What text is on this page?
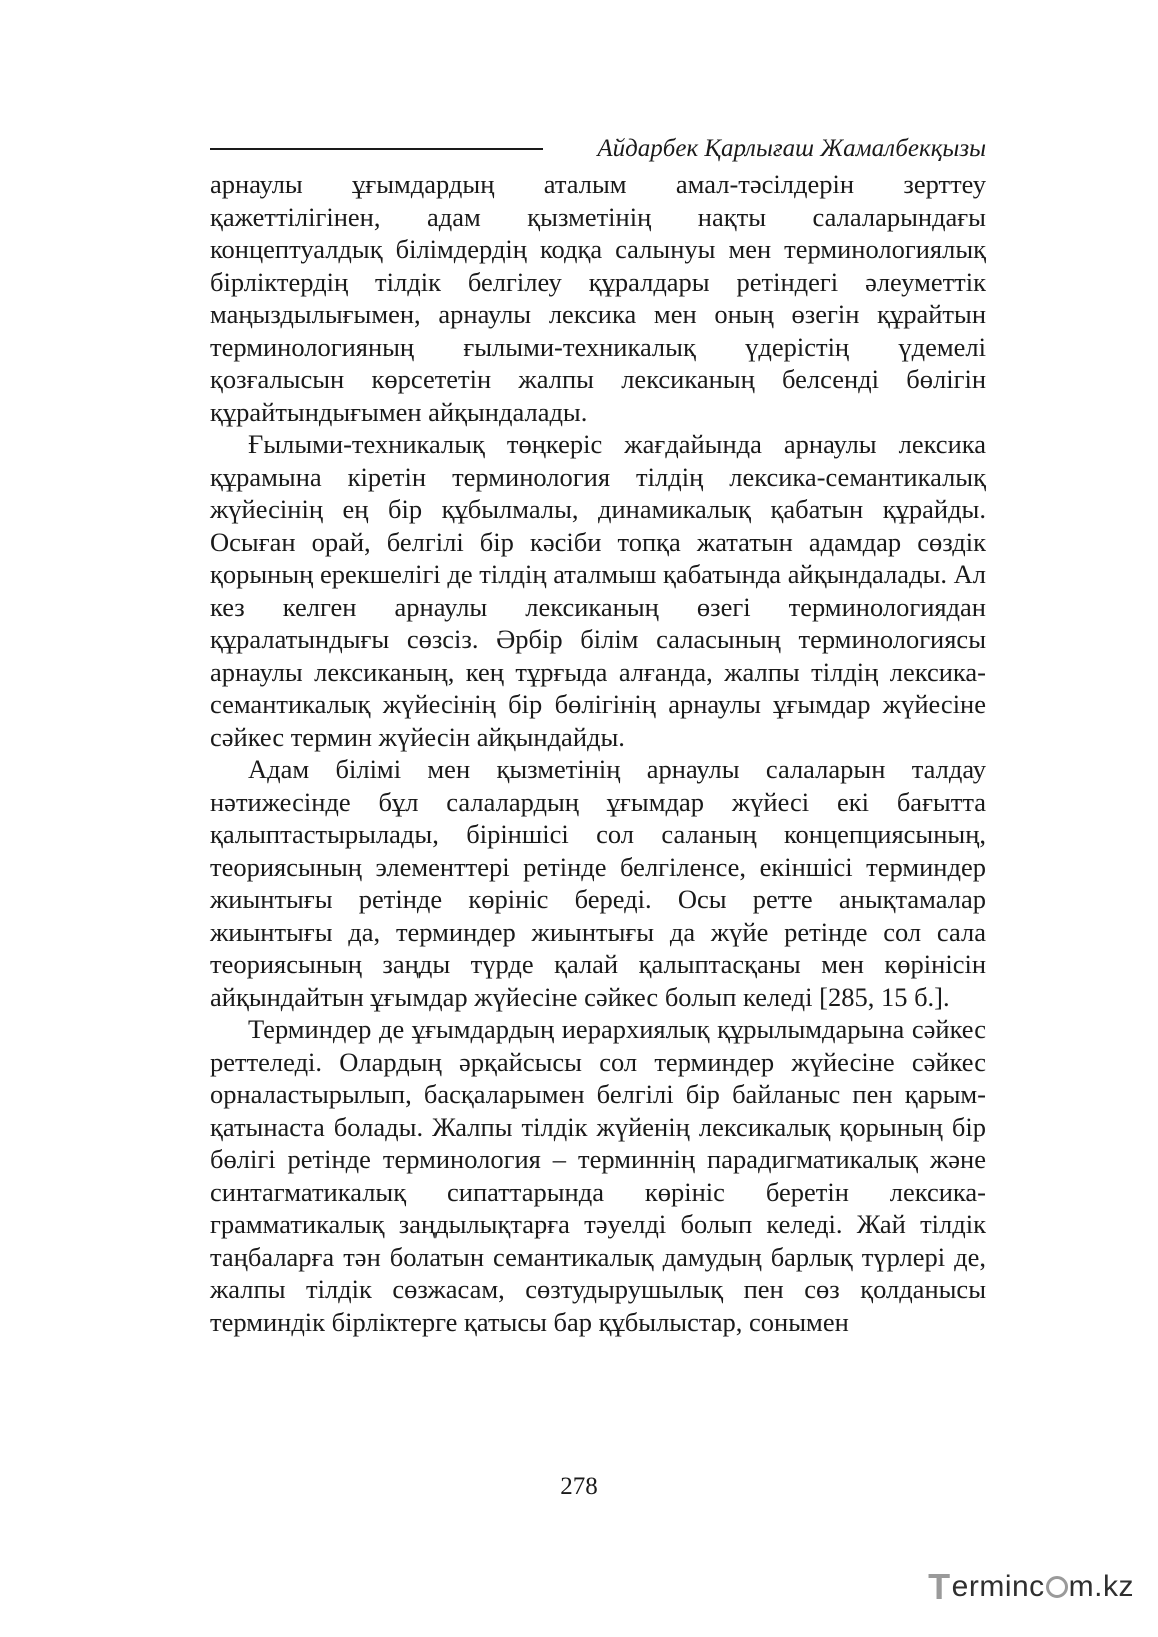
Айдарбек Қарлығаш Жамалбекқызы

арнаулы ұғымдардың аталым амал-тәсілдерін зерттеу қажеттілігінен, адам қызметінің нақты салаларындағы концептуалдық білімдердің кодқа салынуы мен терминологиялық бірліктердің тілдік белгілеу құралдары ретіндегі әлеуметтік маңыздылығымен, арнаулы лексика мен оның өзегін құрайтын терминологияның ғылыми-техникалық үдерістің үдемелі қозғалысын көрсететін жалпы лексиканың белсенді бөлігін құрайтындығымен айқындалады.

Ғылыми-техникалық төңкеріс жағдайында арнаулы лексика құрамына кіретін терминология тілдің лексика-семантикалық жүйесінің ең бір құбылмалы, динамикалық қабатын құрайды. Осыған орай, белгілі бір кәсіби топқа жататын адамдар сөздік қорының ерекшелігі де тілдің аталмыш қабатында айқындалады. Ал кез келген арнаулы лексиканың өзегі терминологиядан құралатындығы сөзсіз. Әрбір білім саласының терминологиясы арнаулы лексиканың, кең тұрғыда алғанда, жалпы тілдің лексика-семантикалық жүйесінің бір бөлігінің арнаулы ұғымдар жүйесіне сәйкес термин жүйесін айқындайды.

Адам білімі мен қызметінің арнаулы салаларын талдау нәтижесінде бұл салалардың ұғымдар жүйесі екі бағытта қалыптастырылады, біріншісі сол саланың концепциясының, теориясының элементтері ретінде белгіленсе, екіншісі терминдер жиынтығы ретінде көрініс береді. Осы ретте анықтамалар жиынтығы да, терминдер жиынтығы да жүйе ретінде сол сала теориясының заңды түрде қалай қалыптасқаны мен көрінісін айқындайтын ұғымдар жүйесіне сәйкес болып келеді [285, 15 б.].

Терминдер де ұғымдардың иерархиялық құрылымдарына сәйкес реттеледі. Олардың әрқайсысы сол терминдер жүйесіне сәйкес орналастырылып, басқаларымен белгілі бір байланыс пен қарым-қатынаста болады. Жалпы тілдік жүйенің лексикалық қорының бір бөлігі ретінде терминология – терминнің парадигматикалық және синтагматикалық сипаттарында көрініс беретін лексика-грамматикалық заңдылықтарға тәуелді болып келеді. Жай тілдік таңбаларға тән болатын семантикалық дамудың барлық түрлері де, жалпы тілдік сөзжасам, сөзтудырушылық пен сөз қолданысы терминдік бірліктерге қатысы бар құбылыстар, сонымен

278
T erminc m.kz
